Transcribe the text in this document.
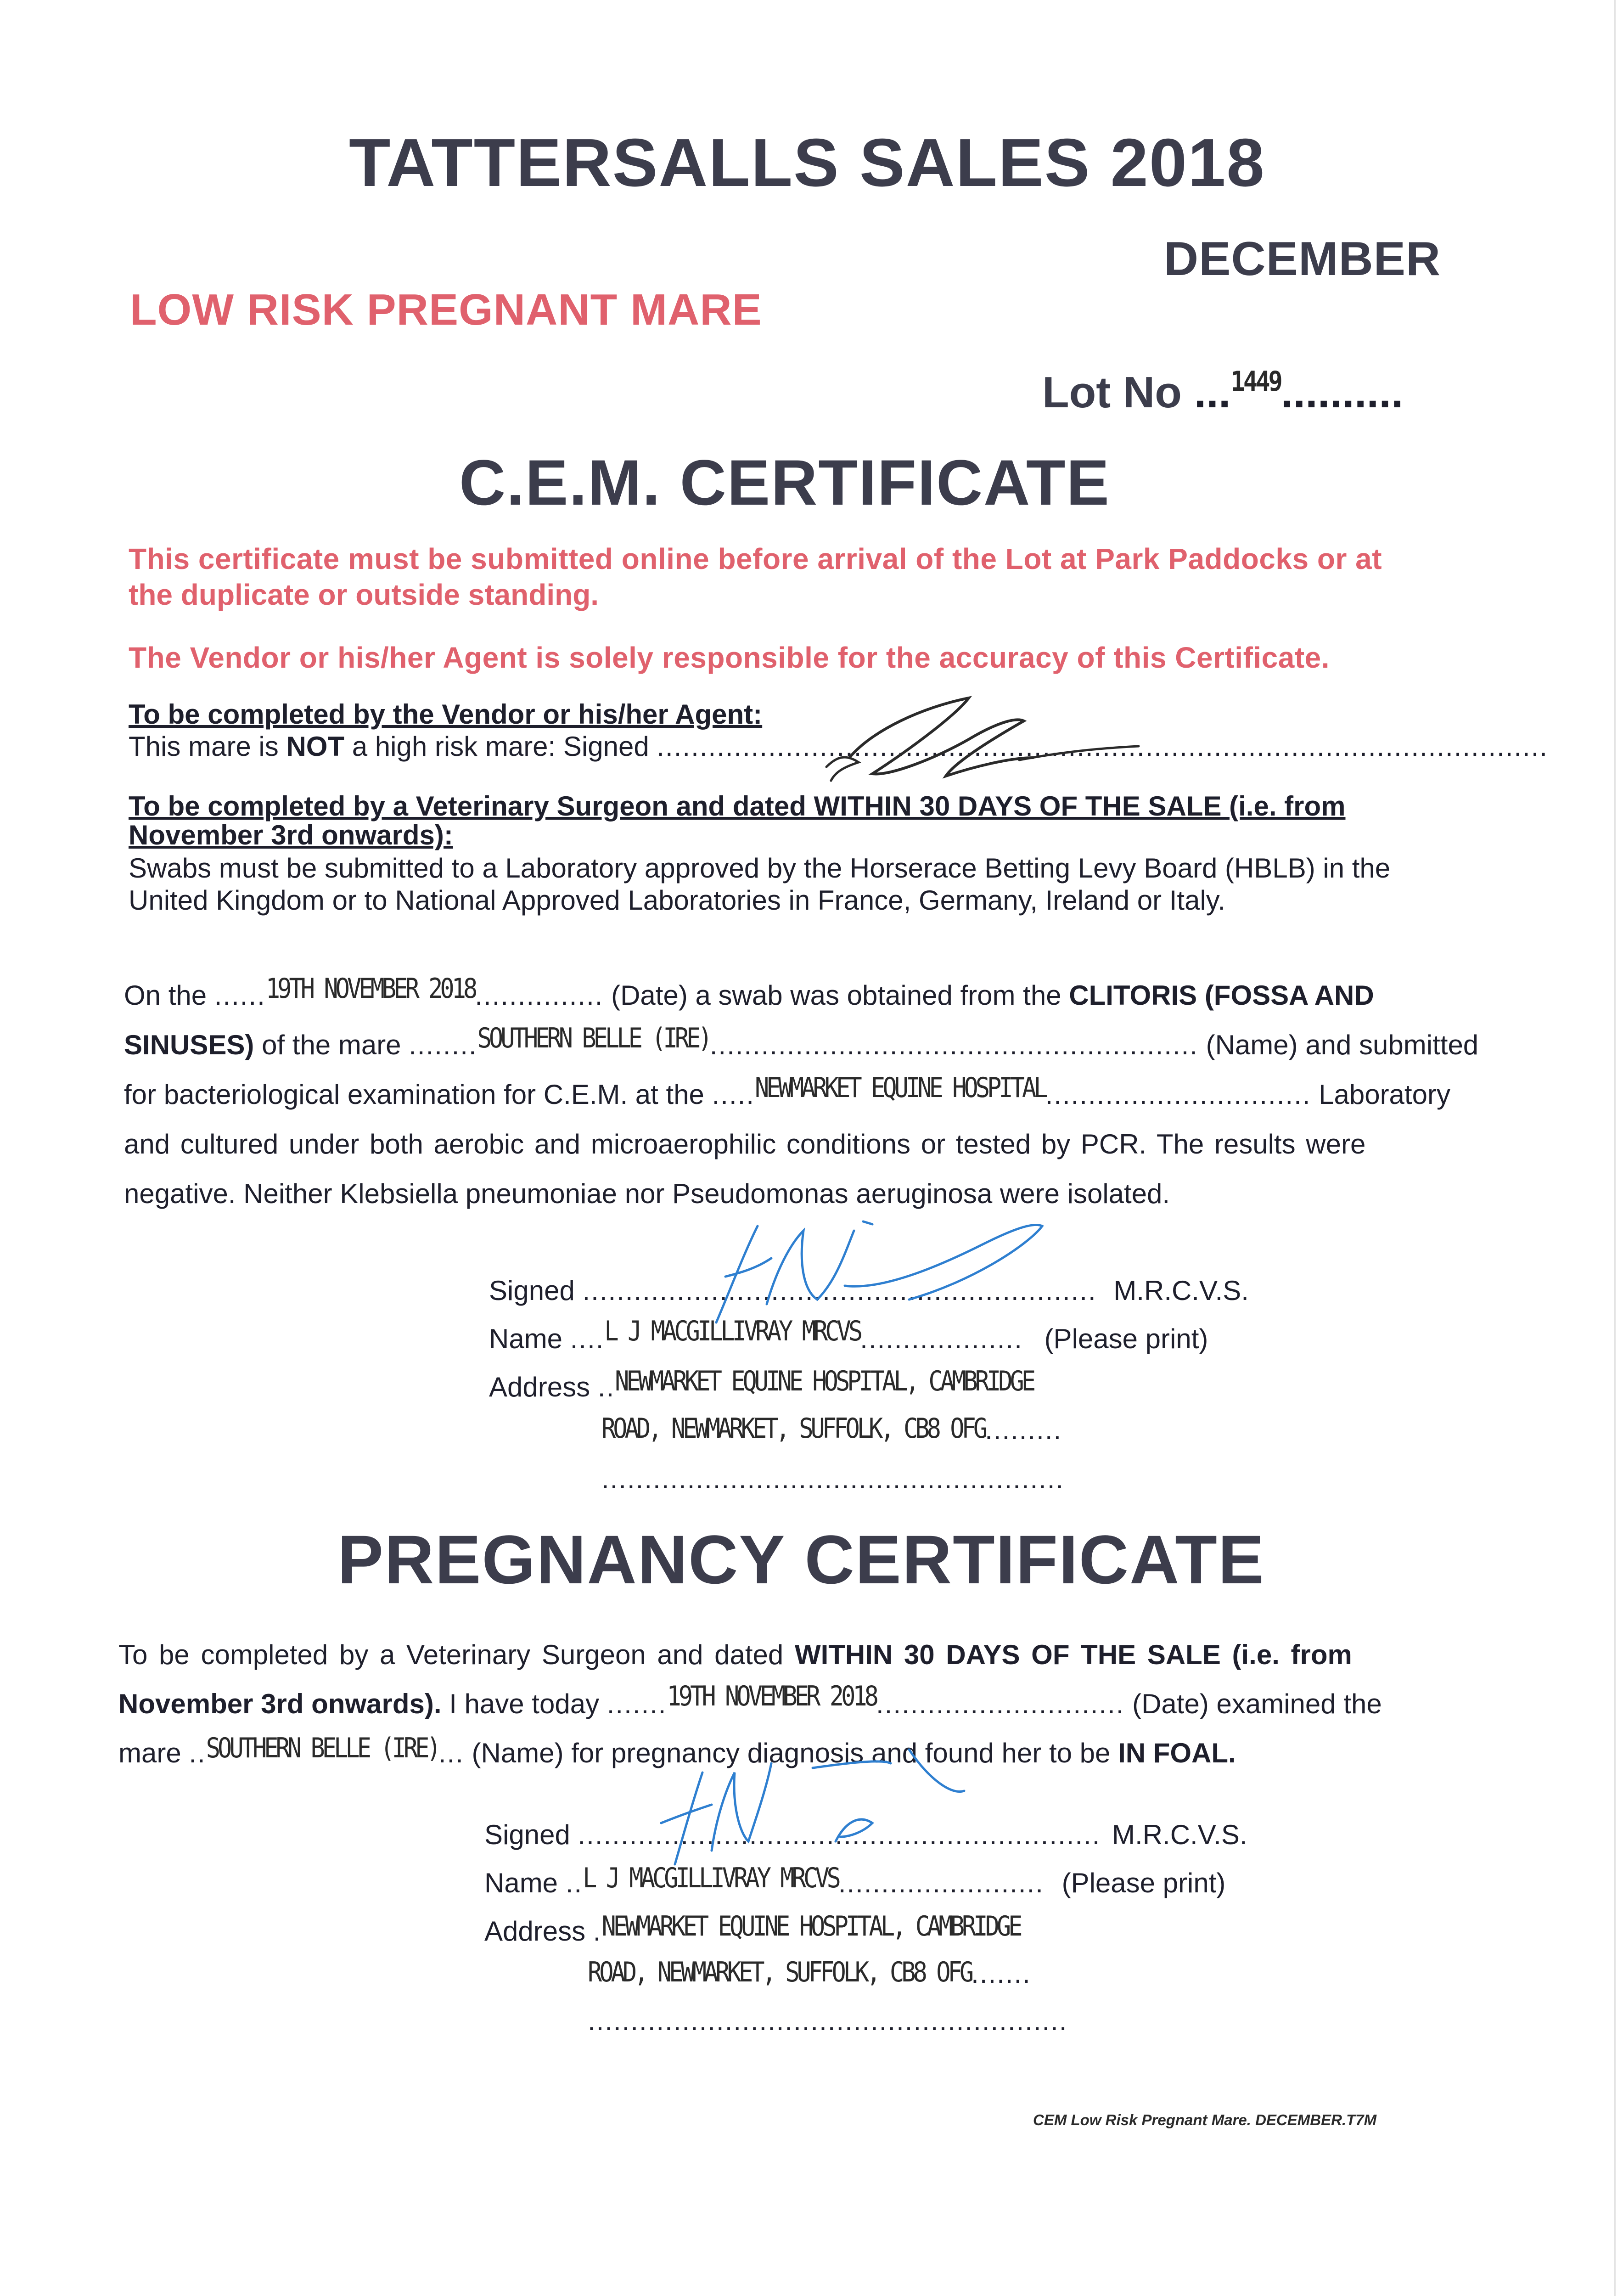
TATTERSALLS SALES 2018
DECEMBER
LOW RISK PREGNANT MARE
Lot No ...1449..........
C.E.M. CERTIFICATE
This certificate must be submitted online before arrival of the Lot at Park Paddocks or at
the duplicate or outside standing.
The Vendor or his/her Agent is solely responsible for the accuracy of this Certificate.
To be completed by the Vendor or his/her Agent:
This mare is NOT a high risk mare: Signed ........................................................................................................
To be completed by a Veterinary Surgeon and dated WITHIN 30 DAYS OF THE SALE (i.e. from
November 3rd onwards):
Swabs must be submitted to a Laboratory approved by the Horserace Betting Levy Board (HBLB) in the
United Kingdom or to National Approved Laboratories in France, Germany, Ireland or Italy.
On the ......19TH NOVEMBER 2018............... (Date) a swab was obtained from the CLITORIS (FOSSA AND
SINUSES) of the mare ........SOUTHERN BELLE (IRE)......................................................... (Name) and submitted
for bacteriological examination for C.E.M. at the .....NEWMARKET EQUINE HOSPITAL............................... Laboratory
and cultured under both aerobic and microaerophilic conditions or tested by PCR. The results were
negative. Neither Klebsiella pneumoniae nor Pseudomonas aeruginosa were isolated.
Signed ............................................................ M.R.C.V.S.
Name ....L J MACGILLIVRAY MRCVS................... (Please print)
Address ..NEWMARKET EQUINE HOSPITAL, CAMBRIDGE
ROAD, NEWMARKET, SUFFOLK, CB8 OFG.........
......................................................
PREGNANCY CERTIFICATE
To be completed by a Veterinary Surgeon and dated WITHIN 30 DAYS OF THE SALE (i.e. from
November 3rd onwards). I have today .......19TH NOVEMBER 2018............................. (Date) examined the
mare ..SOUTHERN BELLE (IRE)... (Name) for pregnancy diagnosis and found her to be IN FOAL.
Signed ............................................................. M.R.C.V.S.
Name ..L J MACGILLIVRAY MRCVS........................ (Please print)
Address .NEWMARKET EQUINE HOSPITAL, CAMBRIDGE
ROAD, NEWMARKET, SUFFOLK, CB8 OFG.......
........................................................
CEM Low Risk Pregnant Mare. DECEMBER.T7M
